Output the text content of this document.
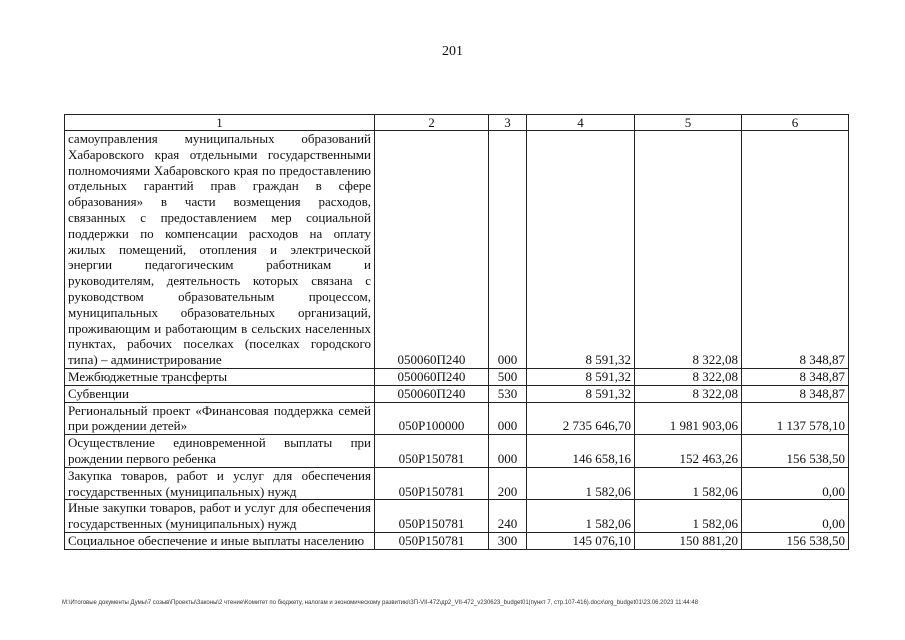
201
1	2	3	4	5	6
самоуправления муниципальных образований Хабаровского края отдельными государственными полномочиями Хабаровского края по предоставлению отдельных гарантий прав граждан в сфере образования» в части возмещения расходов, связанных с предоставлением мер социальной поддержки по компенсации расходов на оплату жилых помещений, отопления и электрической энергии педагогическим работникам и руководителям, деятельность которых связана с руководством образовательным процессом, муниципальных образовательных организаций, проживающим и работающим в сельских населенных пунктах, рабочих поселках (поселках городского типа) – администрирование	050060П240	000	8 591,32	8 322,08	8 348,87
Межбюджетные трансферты	050060П240	500	8 591,32	8 322,08	8 348,87
Субвенции	050060П240	530	8 591,32	8 322,08	8 348,87
Региональный проект «Финансовая поддержка семей при рождении детей»	050Р100000	000	2 735 646,70	1 981 903,06	1 137 578,10
Осуществление единовременной выплаты при рождении первого ребенка	050Р150781	000	146 658,16	152 463,26	156 538,50
Закупка товаров, работ и услуг для обеспечения государственных (муниципальных) нужд	050Р150781	200	1 582,06	1 582,06	0,00
Иные закупки товаров, работ и услуг для обеспечения государственных (муниципальных) нужд	050Р150781	240	1 582,06	1 582,06	0,00
Социальное обеспечение и иные выплаты населению	050Р150781	300	145 076,10	150 881,20	156 538,50
М:\Итоговые документы Думы\7 созыв\Проекты\Законы\2 чтение\Комитет по бюджету, налогам и экономическому развитию\ЗП-VII-472\др2_VII-472_v230623_budget01(пункт 7, стр.107-416).docx\org_budget01\23.06.2023 11:44:48
